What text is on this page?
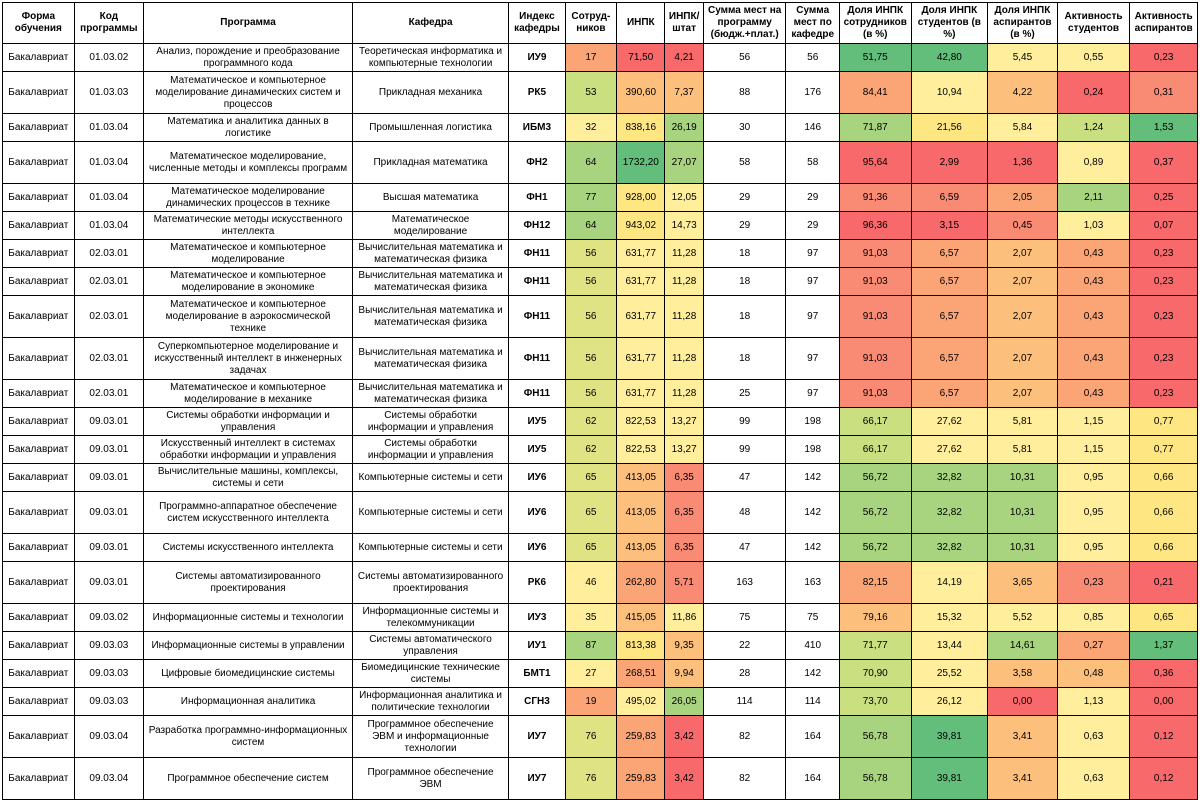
Форма обучения	Код программы	Программа	Кафедра	Индекс кафедры	Сотруд-ников	ИНПК	ИНПК/ штат	Сумма мест на программу (бюдж.+плат.)	Сумма мест по кафедре	Доля ИНПК сотрудников (в %)	Доля ИНПК студентов (в %)	Доля ИНПК аспирантов (в %)	Активность студентов	Активность аспирантов
Бакалавриат	01.03.02	Анализ, порождение и преобразование программного кода	Теоретическая информатика и компьютерные технологии	ИУ9	17	71,50	4,21	56	56	51,75	42,80	5,45	0,55	0,23
Бакалавриат	01.03.03	Математическое и компьютерное моделирование динамических систем и процессов	Прикладная механика	РК5	53	390,60	7,37	88	176	84,41	10,94	4,22	0,24	0,31
Бакалавриат	01.03.04	Математика и аналитика данных в логистике	Промышленная логистика	ИБМ3	32	838,16	26,19	30	146	71,87	21,56	5,84	1,24	1,53
Бакалавриат	01.03.04	Математическое моделирование, численные методы и комплексы программ	Прикладная математика	ФН2	64	1732,20	27,07	58	58	95,64	2,99	1,36	0,89	0,37
Бакалавриат	01.03.04	Математическое моделирование динамических процессов в технике	Высшая математика	ФН1	77	928,00	12,05	29	29	91,36	6,59	2,05	2,11	0,25
Бакалавриат	01.03.04	Математические методы искусственного интеллекта	Математическое моделирование	ФН12	64	943,02	14,73	29	29	96,36	3,15	0,45	1,03	0,07
Бакалавриат	02.03.01	Математическое и компьютерное моделирование	Вычислительная математика и математическая физика	ФН11	56	631,77	11,28	18	97	91,03	6,57	2,07	0,43	0,23
Бакалавриат	02.03.01	Математическое и компьютерное моделирование в экономике	Вычислительная математика и математическая физика	ФН11	56	631,77	11,28	18	97	91,03	6,57	2,07	0,43	0,23
Бакалавриат	02.03.01	Математическое и компьютерное моделирование в аэрокосмической технике	Вычислительная математика и математическая физика	ФН11	56	631,77	11,28	18	97	91,03	6,57	2,07	0,43	0,23
Бакалавриат	02.03.01	Суперкомпьютерное моделирование и искусственный интеллект в инженерных задачах	Вычислительная математика и математическая физика	ФН11	56	631,77	11,28	18	97	91,03	6,57	2,07	0,43	0,23
Бакалавриат	02.03.01	Математическое и компьютерное моделирование в механике	Вычислительная математика и математическая физика	ФН11	56	631,77	11,28	25	97	91,03	6,57	2,07	0,43	0,23
Бакалавриат	09.03.01	Системы обработки информации и управления	Системы обработки информации и управления	ИУ5	62	822,53	13,27	99	198	66,17	27,62	5,81	1,15	0,77
Бакалавриат	09.03.01	Искусственный интеллект в системах обработки информации и управления	Системы обработки информации и управления	ИУ5	62	822,53	13,27	99	198	66,17	27,62	5,81	1,15	0,77
Бакалавриат	09.03.01	Вычислительные машины, комплексы, системы и сети	Компьютерные системы и сети	ИУ6	65	413,05	6,35	47	142	56,72	32,82	10,31	0,95	0,66
Бакалавриат	09.03.01	Программно-аппаратное обеспечение систем искусственного интеллекта	Компьютерные системы и сети	ИУ6	65	413,05	6,35	48	142	56,72	32,82	10,31	0,95	0,66
Бакалавриат	09.03.01	Системы искусственного интеллекта	Компьютерные системы и сети	ИУ6	65	413,05	6,35	47	142	56,72	32,82	10,31	0,95	0,66
Бакалавриат	09.03.01	Системы автоматизированного проектирования	Системы автоматизированного проектирования	РК6	46	262,80	5,71	163	163	82,15	14,19	3,65	0,23	0,21
Бакалавриат	09.03.02	Информационные системы и технологии	Информационные системы и телекоммуникации	ИУ3	35	415,05	11,86	75	75	79,16	15,32	5,52	0,85	0,65
Бакалавриат	09.03.03	Информационные системы в управлении	Системы автоматического управления	ИУ1	87	813,38	9,35	22	410	71,77	13,44	14,61	0,27	1,37
Бакалавриат	09.03.03	Цифровые биомедицинские системы	Биомедицинские технические системы	БМТ1	27	268,51	9,94	28	142	70,90	25,52	3,58	0,48	0,36
Бакалавриат	09.03.03	Информационная аналитика	Информационная аналитика и политические технологии	СГН3	19	495,02	26,05	114	114	73,70	26,12	0,00	1,13	0,00
Бакалавриат	09.03.04	Разработка программно-информационных систем	Программное обеспечение ЭВМ и информационные технологии	ИУ7	76	259,83	3,42	82	164	56,78	39,81	3,41	0,63	0,12
Бакалавриат	09.03.04	Программное обеспечение систем	Программное обеспечение ЭВМ	ИУ7	76	259,83	3,42	82	164	56,78	39,81	3,41	0,63	0,12
